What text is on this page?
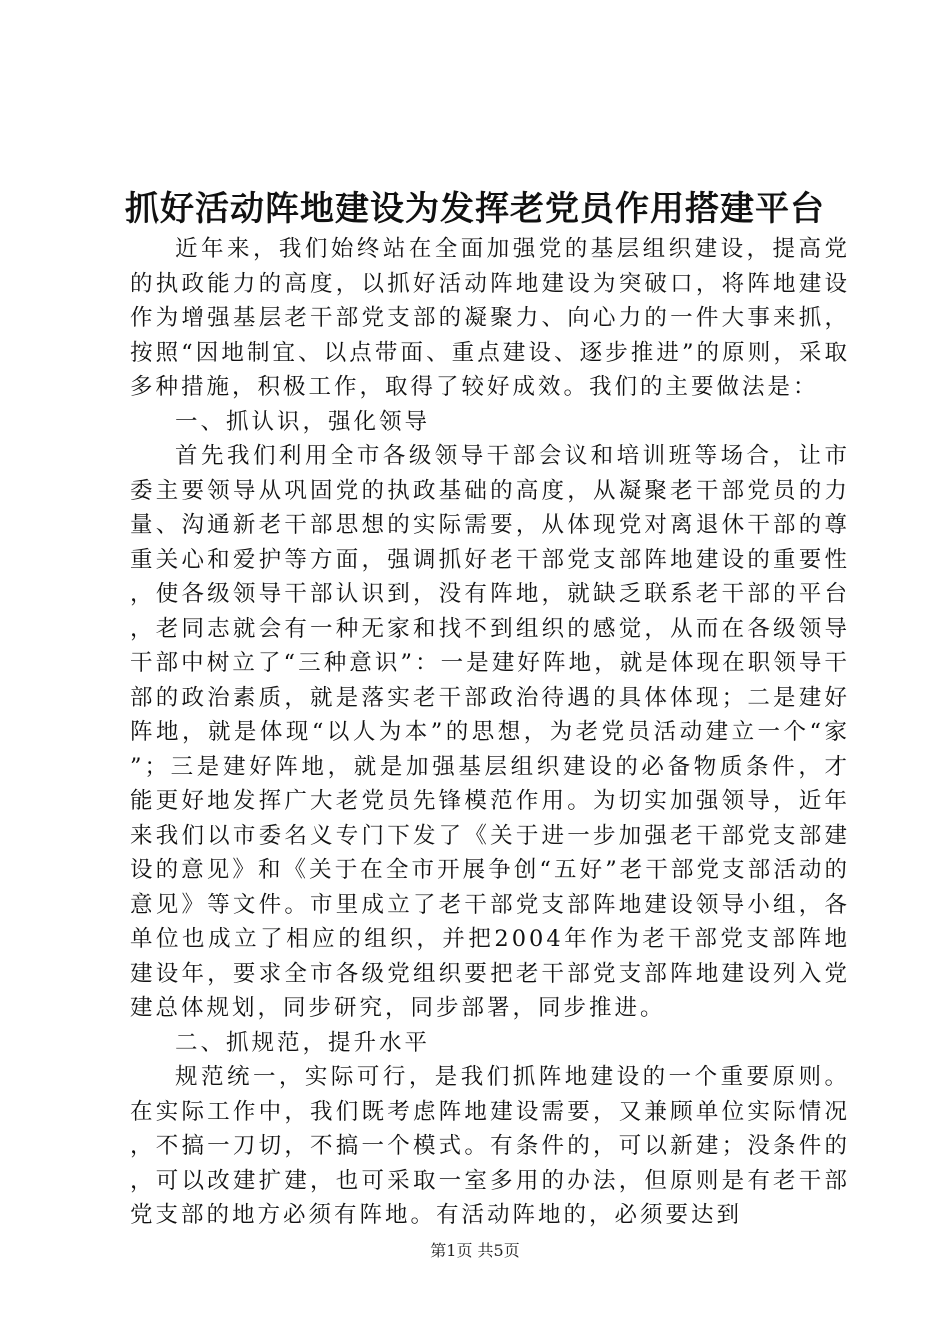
抓好活动阵地建设为发挥老党员作用搭建平台

近年来，我们始终站在全面加强党的基层组织建设，提高党的执政能力的高度，以抓好活动阵地建设为突破口，将阵地建设作为增强基层老干部党支部的凝聚力、向心力的一件大事来抓，按照“因地制宜、以点带面、重点建设、逐步推进”的原则，采取多种措施，积极工作，取得了较好成效。我们的主要做法是：

一、抓认识，强化领导

首先我们利用全市各级领导干部会议和培训班等场合，让市委主要领导从巩固党的执政基础的高度，从凝聚老干部党员的力量、沟通新老干部思想的实际需要，从体现党对离退休干部的尊重关心和爱护等方面，强调抓好老干部党支部阵地建设的重要性，使各级领导干部认识到，没有阵地，就缺乏联系老干部的平台，老同志就会有一种无家和找不到组织的感觉，从而在各级领导干部中树立了“三种意识”：一是建好阵地，就是体现在职领导干部的政治素质，就是落实老干部政治待遇的具体体现；二是建好阵地，就是体现“以人为本”的思想，为老党员活动建立一个“家”；三是建好阵地，就是加强基层组织建设的必备物质条件，才能更好地发挥广大老党员先锋模范作用。为切实加强领导，近年来我们以市委名义专门下发了《关于进一步加强老干部党支部建设的意见》和《关于在全市开展争创“五好”老干部党支部活动的意见》等文件。市里成立了老干部党支部阵地建设领导小组，各单位也成立了相应的组织，并把2004年作为老干部党支部阵地建设年，要求全市各级党组织要把老干部党支部阵地建设列入党建总体规划，同步研究，同步部署，同步推进。

二、抓规范，提升水平

规范统一，实际可行，是我们抓阵地建设的一个重要原则。在实际工作中，我们既考虑阵地建设需要，又兼顾单位实际情况，不搞一刀切，不搞一个模式。有条件的，可以新建；没条件的，可以改建扩建，也可采取一室多用的办法，但原则是有老干部党支部的地方必须有阵地。有活动阵地的，必须要达到

第1页 共5页
